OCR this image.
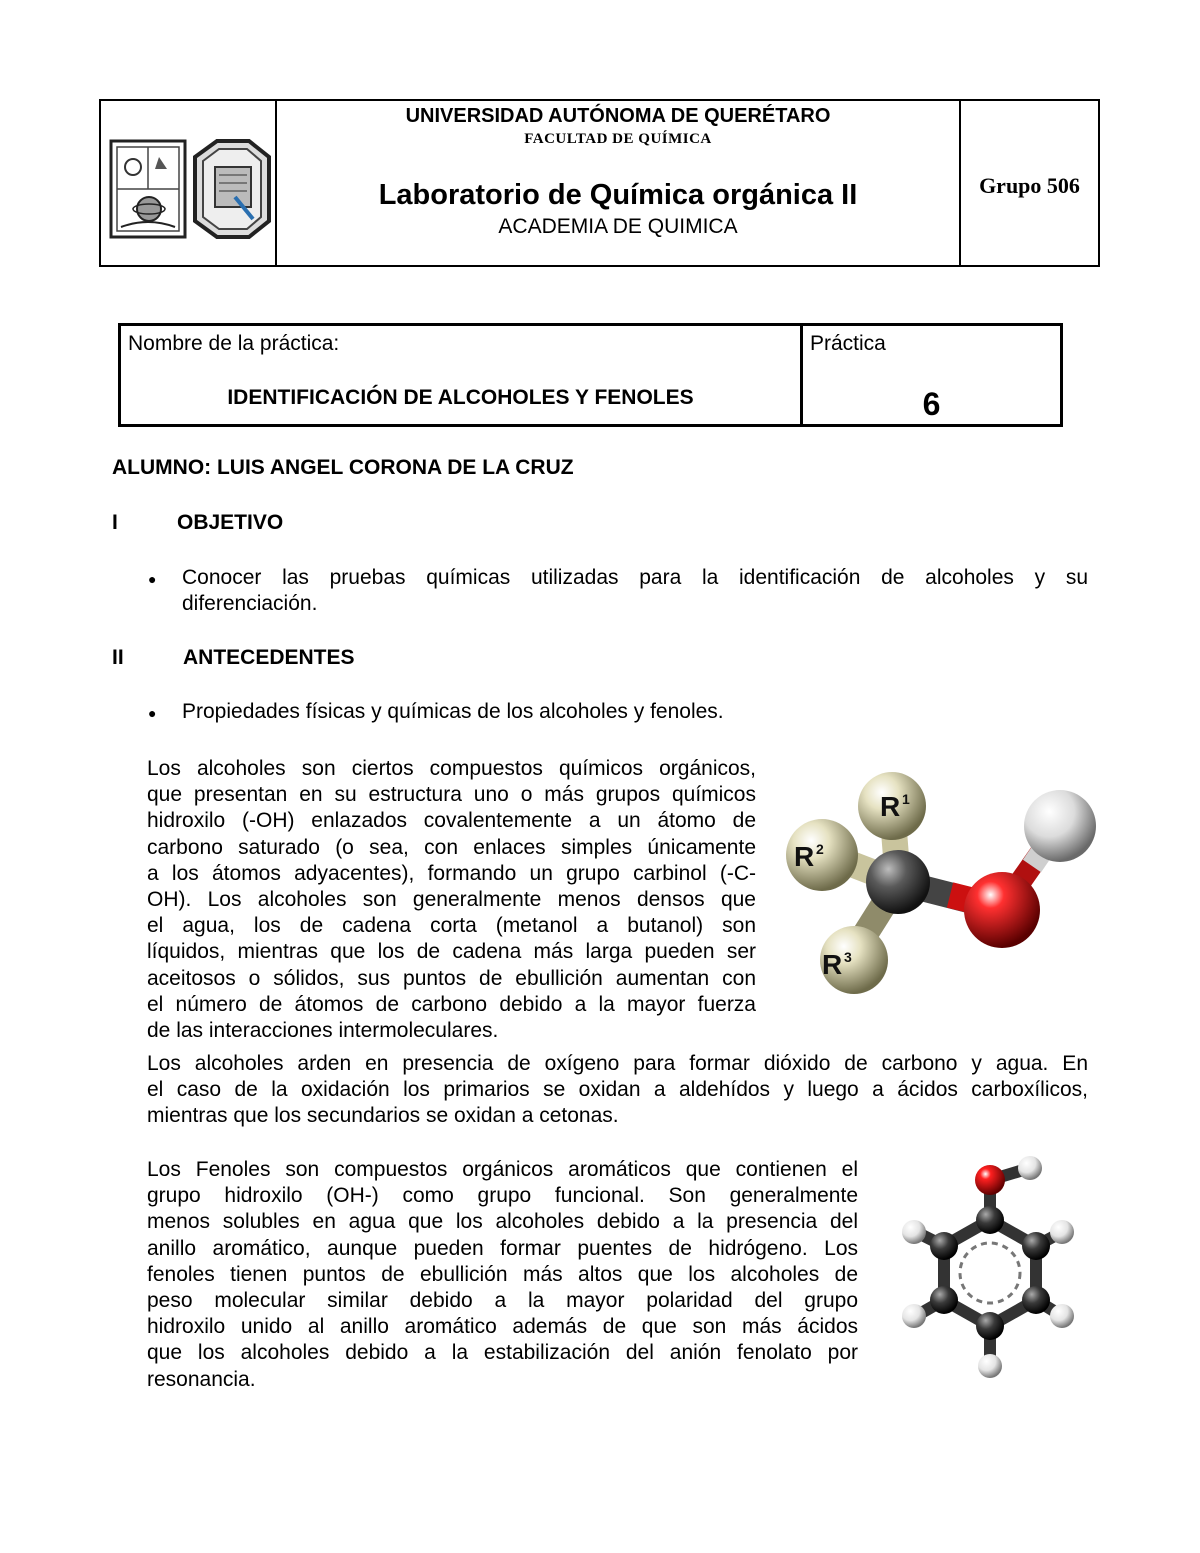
UNIVERSIDAD AUTÓNOMA DE QUERÉTARO
FACULTAD DE QUÍMICA
Laboratorio de Química orgánica II
ACADEMIA DE QUIMICA
Grupo 506
Nombre de la práctica:
IDENTIFICACIÓN DE ALCOHOLES Y FENOLES
Práctica
6
ALUMNO: LUIS ANGEL CORONA DE LA CRUZ
I	OBJETIVO
● Conocer las pruebas químicas utilizadas para la identificación de alcoholes y su
diferenciación.
II	ANTECEDENTES
● Propiedades físicas y químicas de los alcoholes y fenoles.
Los alcoholes son ciertos compuestos químicos orgánicos,
que presentan en su estructura uno o más grupos químicos
hidroxilo (-OH) enlazados covalentemente a un átomo de
carbono saturado (o sea, con enlaces simples únicamente
a los átomos adyacentes), formando un grupo carbinol (-C-
OH). Los alcoholes son generalmente menos densos que
el agua, los de cadena corta (metanol a butanol) son
líquidos, mientras que los de cadena más larga pueden ser
aceitosos o sólidos, sus puntos de ebullición aumentan con
el número de átomos de carbono debido a la mayor fuerza
de las interacciones intermoleculares.
Los alcoholes arden en presencia de oxígeno para formar dióxido de carbono y agua. En
el caso de la oxidación los primarios se oxidan a aldehídos y luego a ácidos carboxílicos,
mientras que los secundarios se oxidan a cetonas.
Los Fenoles son compuestos orgánicos aromáticos que contienen el
grupo hidroxilo (OH-) como grupo funcional. Son generalmente
menos solubles en agua que los alcoholes debido a la presencia del
anillo aromático, aunque pueden formar puentes de hidrógeno. Los
fenoles tienen puntos de ebullición más altos que los alcoholes de
peso molecular similar debido a la mayor polaridad del grupo
hidroxilo unido al anillo aromático además de que son más ácidos
que los alcoholes debido a la estabilización del anión fenolato por
resonancia.
R 1
R 2
R 3
